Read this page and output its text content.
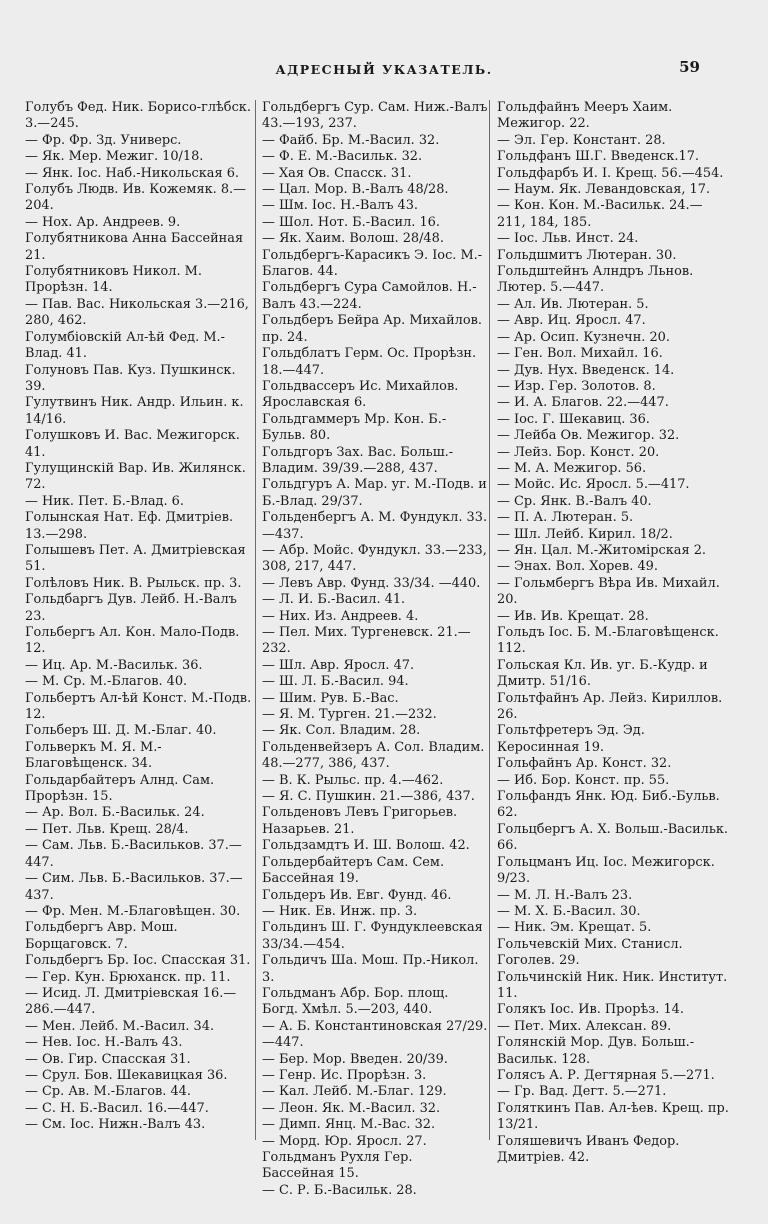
АДРЕСНЫЙ УКАЗАТЕЛЬ.	59

Голубъ Фед. Ник. Борисо-глѣбск. 3.—245.

— Фр. Фр. Зд. Универс.

— Як. Мер. Межиг. 10/18.

— Янк. Іос. Наб.-Никольская 6.

Голубъ Людв. Ив. Кожемяк. 8.—204.

— Нох. Ар. Андреев. 9.

Голубятникова Анна Бассейная 21.

Голубятниковъ Никол. М. Прорѣзн. 14.

— Пав. Вас. Никольская 3.—216, 280, 462.

Голумбіовскій Ал-ѣй Фед. М.-Влад. 41.

Голуновъ Пав. Куз. Пушкинск. 39.

Гулутвинъ Ник. Андр. Ильин. к. 14/16.

Голушковъ И. Вас. Межигорск. 41.

Гулущинскій Вар. Ив. Жилянск. 72.

— Ник. Пет. Б.-Влад. 6.

Голынская Нат. Еф. Дмитріев. 13.—298.

Голышевъ Пет. А. Дмитріевская 51.

Голѣловъ Ник. В. Рыльск. пр. 3.

Гольдбаргъ Дув. Лейб. Н.-Валъ 23.

Гольбергъ Ал. Кон. Мало-Подв. 12.

— Иц. Ар. М.-Васильк. 36.

— М. Ср. М.-Благов. 40.

Гольбертъ Ал-ѣй Конст. М.-Подв. 12.

Гольберъ Ш. Д. М.-Благ. 40.

Гольверкъ М. Я. М.-Благовѣщенск. 34.

Гольдарбайтеръ Алнд. Сам. Прорѣзн. 15.

— Ар. Вол. Б.-Васильк. 24.

— Пет. Льв. Крещ. 28/4.

— Сам. Льв. Б.-Васильков. 37.—447.

— Сим. Льв. Б.-Васильков. 37.—437.

— Фр. Мен. М.-Благовѣщен. 30.

Гольдбергъ Авр. Мош. Борщаговск. 7.

Гольдбергъ Бр. Іос. Спасская 31.

— Гер. Кун. Брюханск. пр. 11.

— Исид. Л. Дмитріевская 16.—286.—447.

— Мен. Лейб. М.-Васил. 34.

— Нев. Іос. Н.-Валъ 43.

— Ов. Гир. Спасская 31.

— Срул. Бов. Шекавицкая 36.

— Ср. Ав. М.-Благов. 44.

— С. Н. Б.-Васил. 16.—447.

— См. Іос. Нижн.-Валъ 43.

Гольдбергъ Сур. Сам. Ниж.-Валъ 43.—193, 237.

— Файб. Бр. М.-Васил. 32.

— Ф. Е. М.-Васильк. 32.

— Хая Ов. Спасск. 31.

— Цал. Мор. В.-Валъ 48/28.

— Шм. Іос. Н.-Валъ 43.

— Шол. Нот. Б.-Васил. 16.

— Як. Хаим. Волош. 28/48.

Гольдбергъ-Карасикъ Э. Іос. М.-Благов. 44.

Гольдбергъ Сура Самойлов. Н.-Валъ 43.—224.

Гольдберъ Бейра Ар. Михайлов. пр. 24.

Гольдблатъ Герм. Ос. Прорѣзн. 18.—447.

Гольдвассеръ Ис. Михайлов. Ярославская 6.

Гольдгаммеръ Мр. Кон. Б.-Бульв. 80.

Гольдгоръ Зах. Вас. Больш.-Владим. 39/39.—288, 437.

Гольдгуръ А. Мар. уг. М.-Подв. и Б.-Влад. 29/37.

Гольденбергъ А. М. Фундукл. 33.—437.

— Абр. Мойс. Фундукл. 33.—233, 308, 217, 447.

— Левъ Авр. Фунд. 33/34. —440.

— Л. И. Б.-Васил. 41.

— Них. Из. Андреев. 4.

— Пел. Мих. Тургеневск. 21.—232.

— Шл. Авр. Яросл. 47.

— Ш. Л. Б.-Васил. 94.

— Шим. Рув. Б.-Вас.

— Я. М. Турген. 21.—232.

— Як. Сол. Владим. 28.

Гольденвейзеръ А. Сол. Владим. 48.—277, 386, 437.

— В. К. Рыльс. пр. 4.—462.

— Я. С. Пушкин. 21.—386, 437.

Гольденовъ Левъ Григорьев. Назарьев. 21.

Гольдзамдтъ И. Ш. Волош. 42.

Гольдербайтеръ Сам. Сем. Бассейная 19.

Гольдеръ Ив. Евг. Фунд. 46.

— Ник. Ев. Инж. пр. 3.

Гольдинъ Ш. Г. Фундуклеевская 33/34.—454.

Гольдичъ Ша. Мош. Пр.-Никол. 3.

Гольдманъ Абр. Бор. площ. Богд. Хмѣл. 5.—203, 440.

— А. Б. Константиновская 27/29.—447.

— Бер. Мор. Введен. 20/39.

— Генр. Ис. Прорѣзн. 3.

— Кал. Лейб. М.-Благ. 129.

— Леон. Як. М.-Васил. 32.

— Димп. Янц. М.-Вас. 32.

— Морд. Юр. Яросл. 27.

Гольдманъ Рухля Гер. Бассейная 15.

— С. Р. Б.-Васильк. 28.

Гольдфайнъ Мееръ Хаим. Межигор. 22.

— Эл. Гер. Констант. 28.

Гольдфанъ Ш.Г. Введенск.17.

Гольдфарбъ И. І. Крещ. 56.—454.

— Наум. Як. Левандовская, 17.

— Кон. Кон. М.-Васильк. 24.—211, 184, 185.

— Іос. Льв. Инст. 24.

Гольдшмитъ Лютеран. 30.

Гольдштейнъ Алндръ Льнов. Лютер. 5.—447.

— Ал. Ив. Лютеран. 5.

— Авр. Иц. Яросл. 47.

— Ар. Осип. Кузнечн. 20.

— Ген. Вол. Михайл. 16.

— Дув. Нух. Введенск. 14.

— Изр. Гер. Золотов. 8.

— И. А. Благов. 22.—447.

— Іос. Г. Шекавиц. 36.

— Лейба Ов. Межигор. 32.

— Лейз. Бор. Конст. 20.

— М. А. Межигор. 56.

— Мойс. Ис. Яросл. 5.—417.

— Ср. Янк. В.-Валъ 40.

— П. А. Лютеран. 5.

— Шл. Лейб. Кирил. 18/2.

— Ян. Цал. М.-Житомірская 2.

— Энах. Вол. Хорев. 49.

— Гольмбергъ Вѣра Ив. Михайл. 20.

— Ив. Ив. Крещат. 28.

Гольдъ Іос. Б. М.-Благовѣщенск. 112.

Гольская Кл. Ив. уг. Б.-Кудр. и Дмитр. 51/16.

Гольтфайнъ Ар. Лейз. Кириллов. 26.

Гольтфретеръ Эд. Эд. Керосинная 19.

Гольфайнъ Ар. Конст. 32.

— Иб. Бор. Конст. пр. 55.

Гольфандъ Янк. Юд. Биб.-Бульв. 62.

Гольцбергъ А. Х. Вольш.-Васильк. 66.

Гольцманъ Иц. Іос. Межигорск. 9/23.

— М. Л. Н.-Валъ 23.

— М. Х. Б.-Васил. 30.

— Ник. Эм. Крещат. 5.

Гольчевскій Мих. Станисл. Гоголев. 29.

Гольчинскій Ник. Ник. Институт. 11.

Голякъ Іос. Ив. Прорѣз. 14.

— Пет. Мих. Алексан. 89.

Голянскій Мор. Дув. Больш.-Васильк. 128.

Голясъ А. Р. Дегтярная 5.—271.

— Гр. Вад. Дегт. 5.—271.

Голяткинъ Пав. Ал-ѣев. Крещ. пр. 13/21.

Голяшевичъ Иванъ Федор. Дмитріев. 42.
